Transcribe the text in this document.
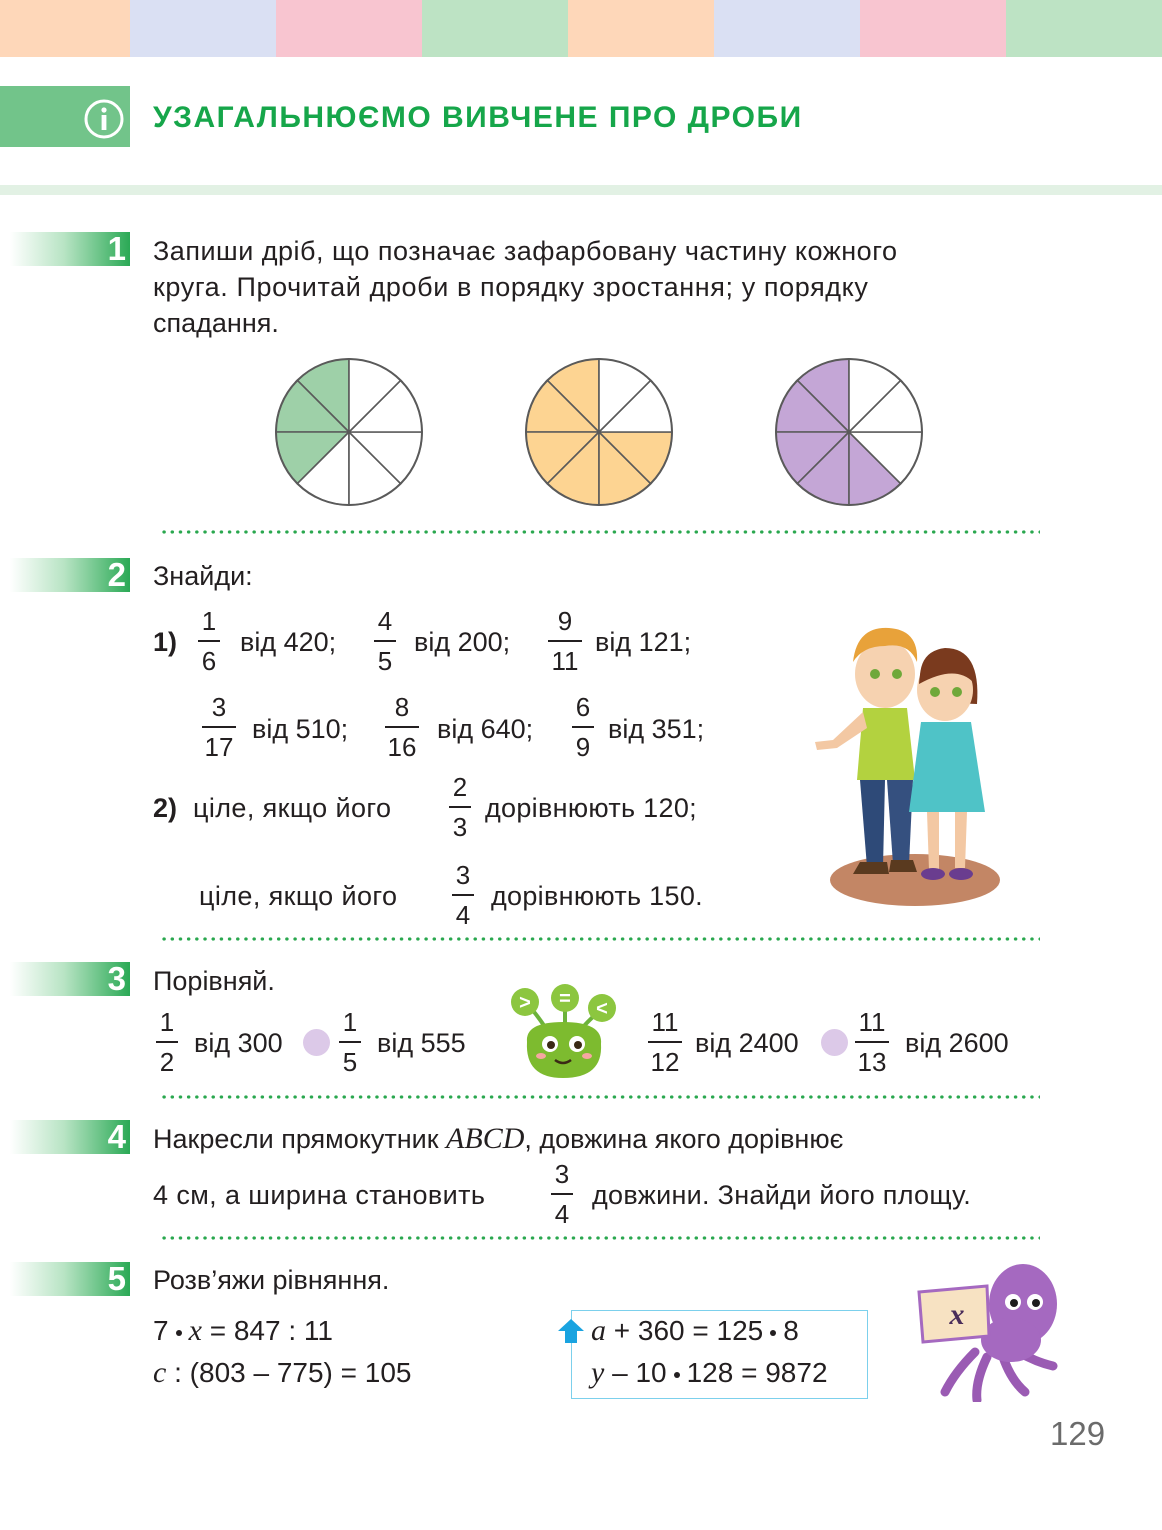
УЗАГАЛЬНЮЄМО ВИВЧЕНЕ ПРО ДРОБИ
1 Запиши дріб, що позначає зафарбовану частину кожного
круга. Прочитай дроби в порядку зростання; у порядку
спадання.
2 Знайди:
1)
1
6
від 420;
4
5
від 200;
9
11
від 121;
3
17
від 510;
8
16
від 640;
6
9
від 351;
2) ціле, якщо його
2
3
дорівнюють 120;
ціле, якщо його
3
4
дорівнюють 150.
3 Порівняй.
1
2
від 300
1
5
від 555
> = < 11
12
від 2400
11
13
від 2600
4 Накресли прямокутник ABCD, довжина якого дорівнює
4 см, а ширина становить
3
4
довжини. Знайди його площу.
5 Розв’яжи рівняння.
7 x = 847 : 11
c : (803 – 775) = 105
a + 360 = 125 8
y – 10 128 = 9872
x
129
